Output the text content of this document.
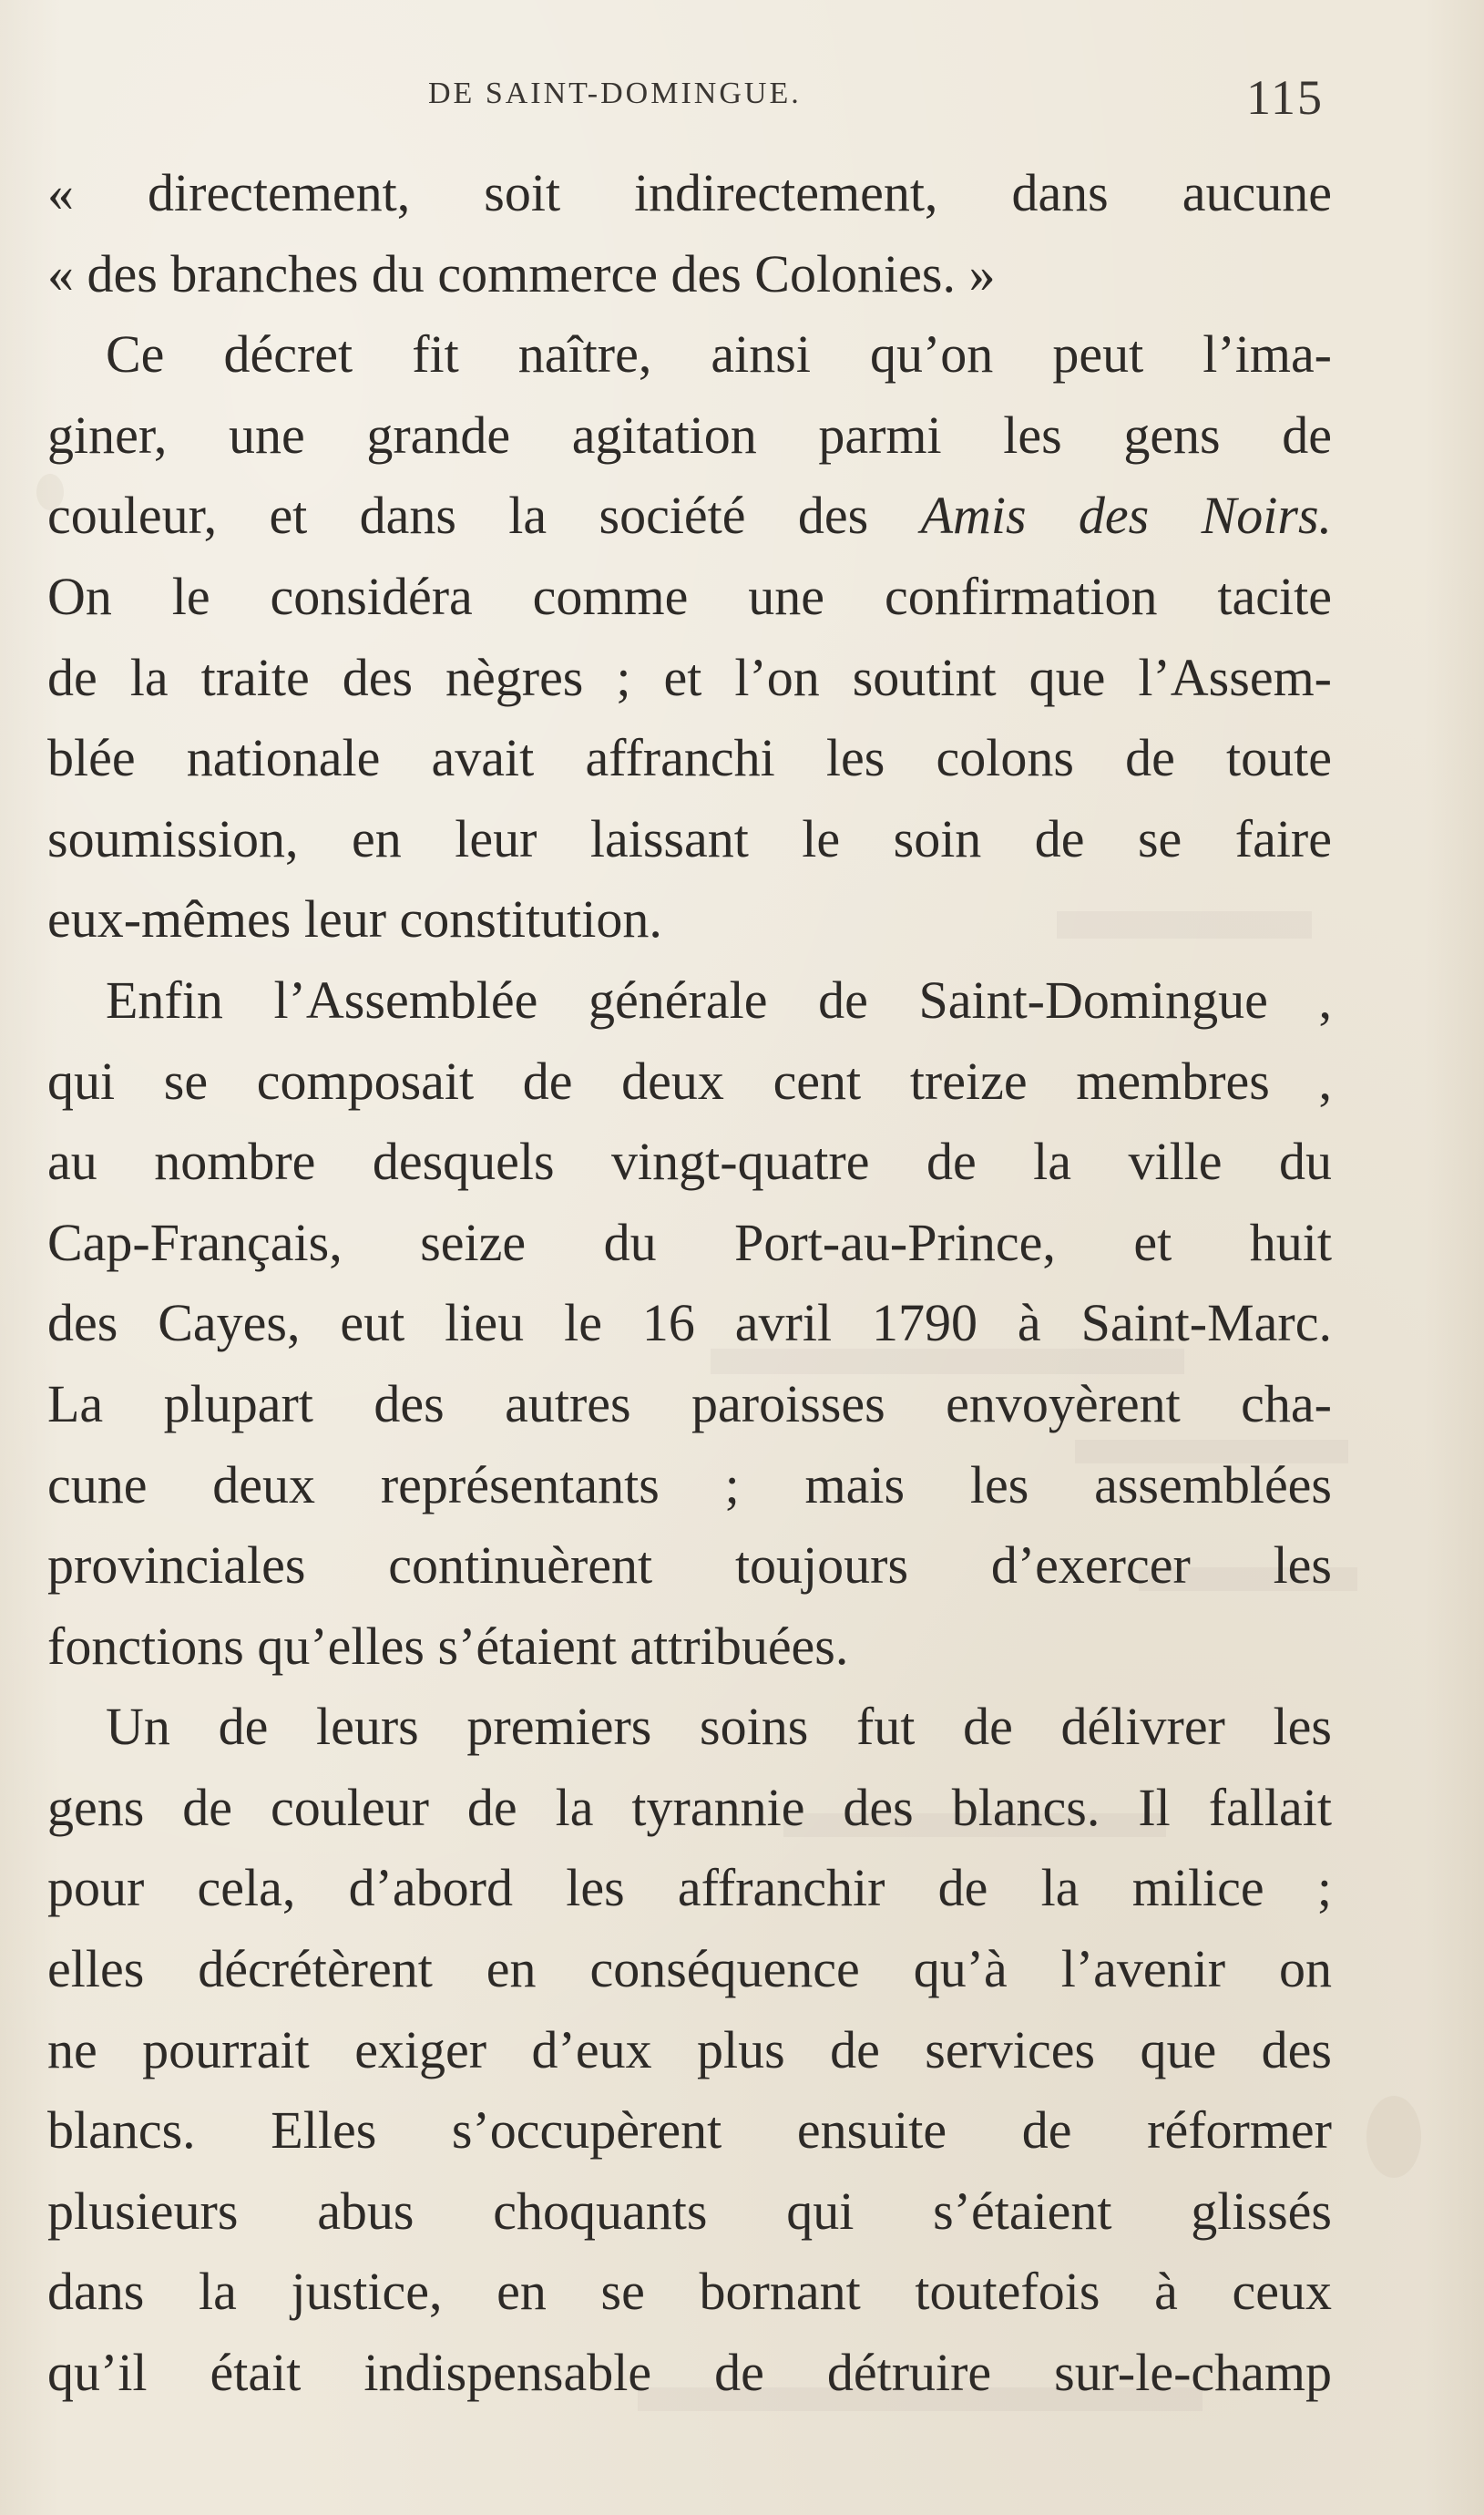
DE SAINT-DOMINGUE.	115
« directement, soit indirectement, dans aucune
« des branches du commerce des Colonies. »
Ce décret fit naître, ainsi qu’on peut l’ima-
giner, une grande agitation parmi les gens de
couleur, et dans la société des Amis des Noirs.
On le considéra comme une confirmation tacite
de la traite des nègres ; et l’on soutint que l’Assem-
blée nationale avait affranchi les colons de toute
soumission, en leur laissant le soin de se faire
eux-mêmes leur constitution.
Enfin l’Assemblée générale de Saint-Domingue ,
qui se composait de deux cent treize membres ,
au nombre desquels vingt-quatre de la ville du
Cap-Français, seize du Port-au-Prince, et huit
des Cayes, eut lieu le 16 avril 1790 à Saint-Marc.
La plupart des autres paroisses envoyèrent cha-
cune deux représentants ; mais les assemblées
provinciales continuèrent toujours d’exercer les
fonctions qu’elles s’étaient attribuées.
Un de leurs premiers soins fut de délivrer les
gens de couleur de la tyrannie des blancs. Il fallait
pour cela, d’abord les affranchir de la milice ;
elles décrétèrent en conséquence qu’à l’avenir on
ne pourrait exiger d’eux plus de services que des
blancs. Elles s’occupèrent ensuite de réformer
plusieurs abus choquants qui s’étaient glissés
dans la justice, en se bornant toutefois à ceux
qu’il était indispensable de détruire sur-le-champ
